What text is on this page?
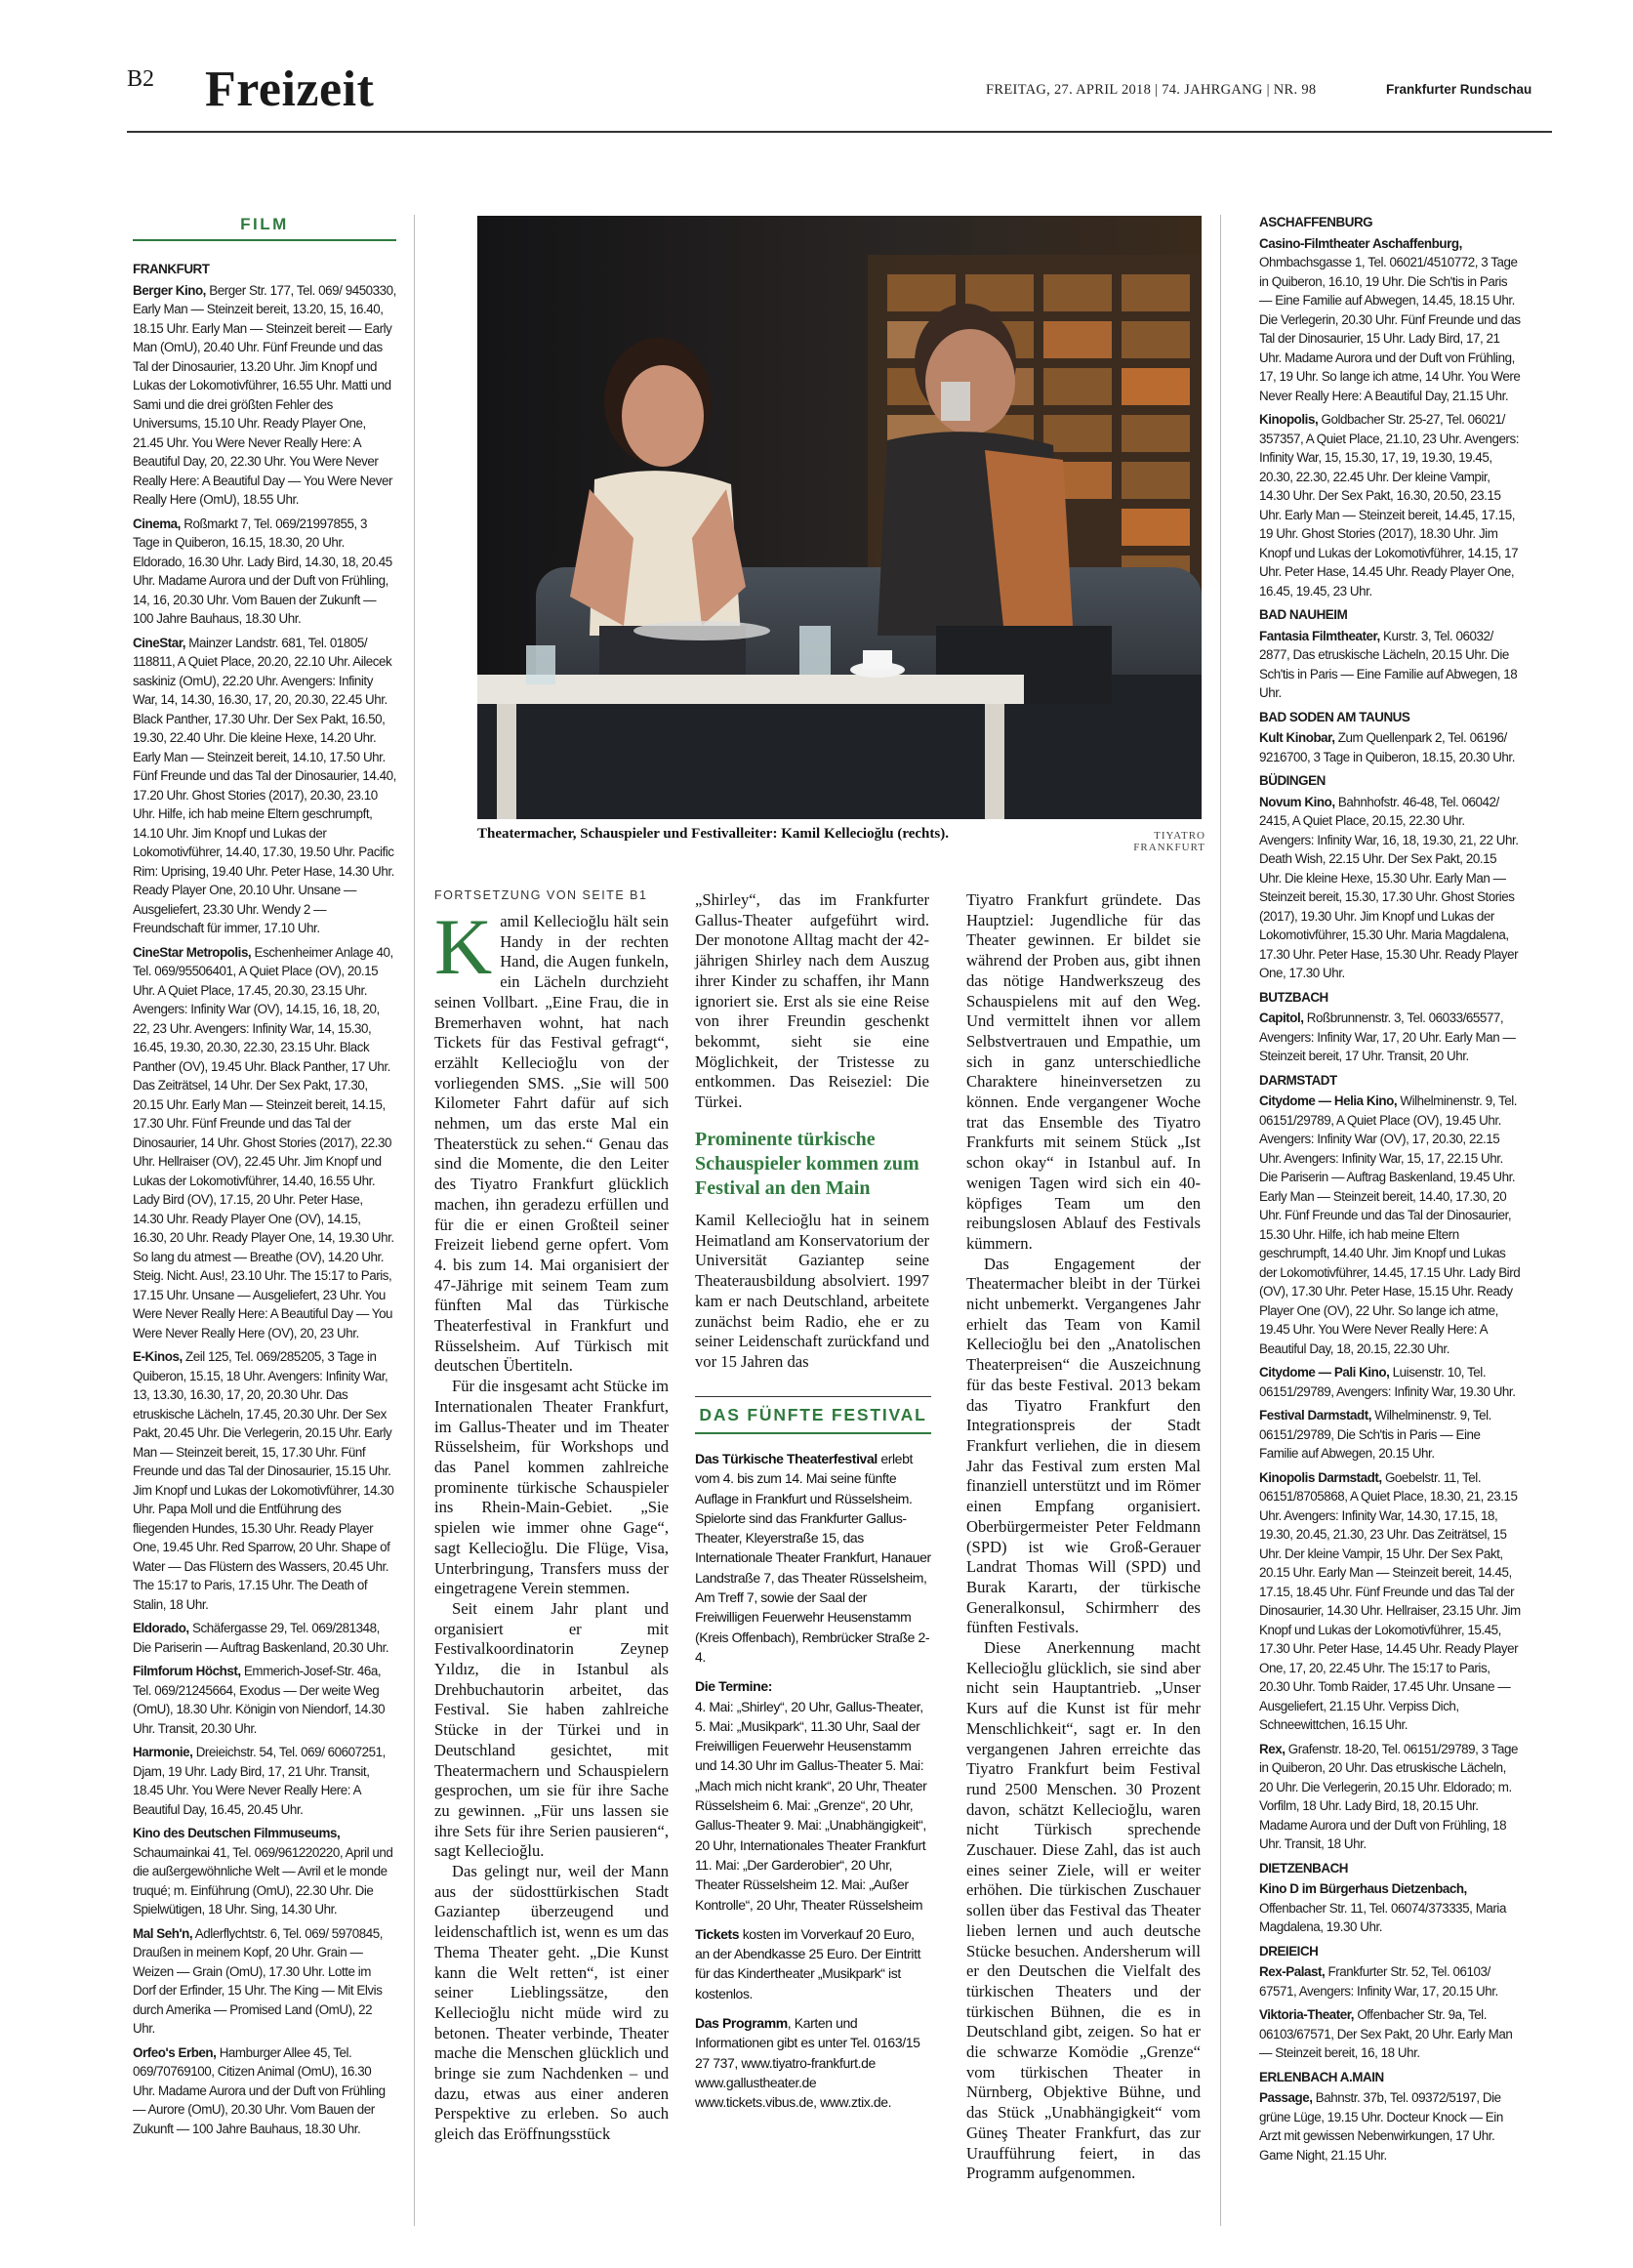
B2 Freizeit	FREITAG, 27. APRIL 2018 | 74. JAHRGANG | NR. 98	Frankfurter Rundschau
FILM
FRANKFURT

Berger Kino, Berger Str. 177, Tel. 069/ 9450330, Early Man — Steinzeit bereit, 13.20, 15, 16.40, 18.15 Uhr. Early Man — Steinzeit bereit — Early Man (OmU), 20.40 Uhr. Fünf Freunde und das Tal der Dinosaurier, 13.20 Uhr. Jim Knopf und Lukas der Lokomotivführer, 16.55 Uhr. Matti und Sami und die drei größten Fehler des Universums, 15.10 Uhr. Ready Player One, 21.45 Uhr. You Were Never Really Here: A Beautiful Day, 20, 22.30 Uhr. You Were Never Really Here: A Beautiful Day — You Were Never Really Here (OmU), 18.55 Uhr.

Cinema, Roßmarkt 7, Tel. 069/21997855, 3 Tage in Quiberon, 16.15, 18.30, 20 Uhr. Eldorado, 16.30 Uhr. Lady Bird, 14.30, 18, 20.45 Uhr. Madame Aurora und der Duft von Frühling, 14, 16, 20.30 Uhr. Vom Bauen der Zukunft — 100 Jahre Bauhaus, 18.30 Uhr.

CineStar, Mainzer Landstr. 681, Tel. 01805/ 118811, A Quiet Place, 20.20, 22.10 Uhr. Ailecek saskiniz (OmU), 22.20 Uhr. Avengers: Infinity War, 14, 14.30, 16.30, 17, 20, 20.30, 22.45 Uhr. Black Panther, 17.30 Uhr. Der Sex Pakt, 16.50, 19.30, 22.40 Uhr. Die kleine Hexe, 14.20 Uhr. Early Man — Steinzeit bereit, 14.10, 17.50 Uhr. Fünf Freunde und das Tal der Dinosaurier, 14.40, 17.20 Uhr. Ghost Stories (2017), 20.30, 23.10 Uhr. Hilfe, ich hab meine Eltern geschrumpft, 14.10 Uhr. Jim Knopf und Lukas der Lokomotivführer, 14.40, 17.30, 19.50 Uhr. Pacific Rim: Uprising, 19.40 Uhr. Peter Hase, 14.30 Uhr. Ready Player One, 20.10 Uhr. Unsane — Ausgeliefert, 23.30 Uhr. Wendy 2 — Freundschaft für immer, 17.10 Uhr.

CineStar Metropolis, Eschenheimer Anlage 40, Tel. 069/95506401, A Quiet Place (OV), 20.15 Uhr. A Quiet Place, 17.45, 20.30, 23.15 Uhr. Avengers: Infinity War (OV), 14.15, 16, 18, 20, 22, 23 Uhr. Avengers: Infinity War, 14, 15.30, 16.45, 19.30, 20.30, 22.30, 23.15 Uhr. Black Panther (OV), 19.45 Uhr. Black Panther, 17 Uhr. Das Zeiträtsel, 14 Uhr. Der Sex Pakt, 17.30, 20.15 Uhr. Early Man — Steinzeit bereit, 14.15, 17.30 Uhr. Fünf Freunde und das Tal der Dinosaurier, 14 Uhr. Ghost Stories (2017), 22.30 Uhr. Hellraiser (OV), 22.45 Uhr. Jim Knopf und Lukas der Lokomotivführer, 14.40, 16.55 Uhr. Lady Bird (OV), 17.15, 20 Uhr. Peter Hase, 14.30 Uhr. Ready Player One (OV), 14.15, 16.30, 20 Uhr. Ready Player One, 14, 19.30 Uhr. So lang du atmest — Breathe (OV), 14.20 Uhr. Steig. Nicht. Aus!, 23.10 Uhr. The 15:17 to Paris, 17.15 Uhr. Unsane — Ausgeliefert, 23 Uhr. You Were Never Really Here: A Beautiful Day — You Were Never Really Here (OV), 20, 23 Uhr.

E-Kinos, Zeil 125, Tel. 069/285205, 3 Tage in Quiberon, 15.15, 18 Uhr. Avengers: Infinity War, 13, 13.30, 16.30, 17, 20, 20.30 Uhr. Das etruskische Lächeln, 17.45, 20.30 Uhr. Der Sex Pakt, 20.45 Uhr. Die Verlegerin, 20.15 Uhr. Early Man — Steinzeit bereit, 15, 17.30 Uhr. Fünf Freunde und das Tal der Dinosaurier, 15.15 Uhr. Jim Knopf und Lukas der Lokomotivführer, 14.30 Uhr. Papa Moll und die Entführung des fliegenden Hundes, 15.30 Uhr. Ready Player One, 19.45 Uhr. Red Sparrow, 20 Uhr. Shape of Water — Das Flüstern des Wassers, 20.45 Uhr. The 15:17 to Paris, 17.15 Uhr. The Death of Stalin, 18 Uhr.

Eldorado, Schäfergasse 29, Tel. 069/281348, Die Pariserin — Auftrag Baskenland, 20.30 Uhr.

Filmforum Höchst, Emmerich-Josef-Str. 46a, Tel. 069/21245664, Exodus — Der weite Weg (OmU), 18.30 Uhr. Königin von Niendorf, 14.30 Uhr. Transit, 20.30 Uhr.

Harmonie, Dreieichstr. 54, Tel. 069/ 60607251, Djam, 19 Uhr. Lady Bird, 17, 21 Uhr. Transit, 18.45 Uhr. You Were Never Really Here: A Beautiful Day, 16.45, 20.45 Uhr.

Kino des Deutschen Filmmuseums, Schaumainkai 41, Tel. 069/961220220, April und die außergewöhnliche Welt — Avril et le monde truqué; m. Einführung (OmU), 22.30 Uhr. Die Spielwütigen, 18 Uhr. Sing, 14.30 Uhr.

Mal Seh'n, Adlerflychtstr. 6, Tel. 069/ 5970845, Draußen in meinem Kopf, 20 Uhr. Grain — Weizen — Grain (OmU), 17.30 Uhr. Lotte im Dorf der Erfinder, 15 Uhr. The King — Mit Elvis durch Amerika — Promised Land (OmU), 22 Uhr.

Orfeo's Erben, Hamburger Allee 45, Tel. 069/70769100, Citizen Animal (OmU), 16.30 Uhr. Madame Aurora und der Duft von Frühling — Aurore (OmU), 20.30 Uhr. Vom Bauen der Zukunft — 100 Jahre Bauhaus, 18.30 Uhr.

Theatermacher, Schauspieler und Festivalleiter: Kamil Kellecioğlu (rechts).	TIYATRO FRANKFURT
FORTSETZUNG VON SEITE B1

Kamil Kellecioğlu hält sein Handy in der rechten Hand, die Augen funkeln, ein Lächeln durchzieht seinen Vollbart. „Eine Frau, die in Bremerhaven wohnt, hat nach Tickets für das Festival gefragt“, erzählt Kellecioğlu von der vorliegenden SMS. „Sie will 500 Kilometer Fahrt dafür auf sich nehmen, um das erste Mal ein Theaterstück zu sehen.“ Genau das sind die Momente, die den Leiter des Tiyatro Frankfurt glücklich machen, ihn geradezu erfüllen und für die er einen Großteil seiner Freizeit liebend gerne opfert. Vom 4. bis zum 14. Mai organisiert der 47-Jährige mit seinem Team zum fünften Mal das Türkische Theaterfestival in Frankfurt und Rüsselsheim. Auf Türkisch mit deutschen Übertiteln.

Für die insgesamt acht Stücke im Internationalen Theater Frankfurt, im Gallus-Theater und im Theater Rüsselsheim, für Workshops und das Panel kommen zahlreiche prominente türkische Schauspieler ins Rhein-Main-Gebiet. „Sie spielen wie immer ohne Gage“, sagt Kellecioğlu. Die Flüge, Visa, Unterbringung, Transfers muss der eingetragene Verein stemmen.

Seit einem Jahr plant und organisiert er mit Festivalkoordinatorin Zeynep Yıldız, die in Istanbul als Drehbuchautorin arbeitet, das Festival. Sie haben zahlreiche Stücke in der Türkei und in Deutschland gesichtet, mit Theatermachern und Schauspielern gesprochen, um sie für ihre Sache zu gewinnen. „Für uns lassen sie ihre Sets für ihre Serien pausieren“, sagt Kellecioğlu.

Das gelingt nur, weil der Mann aus der südosttürkischen Stadt Gaziantep überzeugend und leidenschaftlich ist, wenn es um das Thema Theater geht. „Die Kunst kann die Welt retten“, ist einer seiner Lieblingssätze, den Kellecioğlu nicht müde wird zu betonen. Theater verbinde, Theater mache die Menschen glücklich und bringe sie zum Nachdenken – und dazu, etwas aus einer anderen Perspektive zu erleben. So auch gleich das Eröffnungsstück

„Shirley“, das im Frankfurter Gallus-Theater aufgeführt wird. Der monotone Alltag macht der 42-jährigen Shirley nach dem Auszug ihrer Kinder zu schaffen, ihr Mann ignoriert sie. Erst als sie eine Reise von ihrer Freundin geschenkt bekommt, sieht sie eine Möglichkeit, der Tristesse zu entkommen. Das Reiseziel: Die Türkei.

Prominente türkische Schauspieler kommen zum Festival an den Main

Kamil Kellecioğlu hat in seinem Heimatland am Konservatorium der Universität Gaziantep seine Theaterausbildung absolviert. 1997 kam er nach Deutschland, arbeitete zunächst beim Radio, ehe er zu seiner Leidenschaft zurückfand und vor 15 Jahren das

DAS FÜNFTE FESTIVAL

Das Türkische Theaterfestival erlebt vom 4. bis zum 14. Mai seine fünfte Auflage in Frankfurt und Rüsselsheim. Spielorte sind das Frankfurter Gallus-Theater, Kleyerstraße 15, das Internationale Theater Frankfurt, Hanauer Landstraße 7, das Theater Rüsselsheim, Am Treff 7, sowie der Saal der Freiwilligen Feuerwehr Heusenstamm (Kreis Offenbach), Rembrücker Straße 2-4.

Die Termine:
4. Mai: „Shirley“, 20 Uhr, Gallus-Theater, 5. Mai: „Musikpark“, 11.30 Uhr, Saal der Freiwilligen Feuerwehr Heusenstamm und 14.30 Uhr im Gallus-Theater 5. Mai: „Mach mich nicht krank“, 20 Uhr, Theater Rüsselsheim 6. Mai: „Grenze“, 20 Uhr, Gallus-Theater 9. Mai: „Unabhängigkeit“, 20 Uhr, Internationales Theater Frankfurt 11. Mai: „Der Garderobier“, 20 Uhr, Theater Rüsselsheim 12. Mai: „Außer Kontrolle“, 20 Uhr, Theater Rüsselsheim

Tickets kosten im Vorverkauf 20 Euro, an der Abendkasse 25 Euro. Der Eintritt für das Kindertheater „Musikpark“ ist kostenlos.

Das Programm, Karten und Informationen gibt es unter Tel. 0163/15 27 737, www.tiyatro-frankfurt.de www.gallustheater.de www.tickets.vibus.de, www.ztix.de.

Tiyatro Frankfurt gründete. Das Hauptziel: Jugendliche für das Theater gewinnen. Er bildet sie während der Proben aus, gibt ihnen das nötige Handwerkszeug des Schauspielens mit auf den Weg. Und vermittelt ihnen vor allem Selbstvertrauen und Empathie, um sich in ganz unterschiedliche Charaktere hineinversetzen zu können. Ende vergangener Woche trat das Ensemble des Tiyatro Frankfurts mit seinem Stück „Ist schon okay“ in Istanbul auf. In wenigen Tagen wird sich ein 40-köpfiges Team um den reibungslosen Ablauf des Festivals kümmern.

Das Engagement der Theatermacher bleibt in der Türkei nicht unbemerkt. Vergangenes Jahr erhielt das Team von Kamil Kellecioğlu bei den „Anatolischen Theaterpreisen“ die Auszeichnung für das beste Festival. 2013 bekam das Tiyatro Frankfurt den Integrationspreis der Stadt Frankfurt verliehen, die in diesem Jahr das Festival zum ersten Mal finanziell unterstützt und im Römer einen Empfang organisiert. Oberbürgermeister Peter Feldmann (SPD) ist wie Groß-Gerauer Landrat Thomas Will (SPD) und Burak Karartı, der türkische Generalkonsul, Schirmherr des fünften Festivals.

Diese Anerkennung macht Kellecioğlu glücklich, sie sind aber nicht sein Hauptantrieb. „Unser Kurs auf die Kunst ist für mehr Menschlichkeit“, sagt er. In den vergangenen Jahren erreichte das Tiyatro Frankfurt beim Festival rund 2500 Menschen. 30 Prozent davon, schätzt Kellecioğlu, waren nicht Türkisch sprechende Zuschauer. Diese Zahl, das ist auch eines seiner Ziele, will er weiter erhöhen. Die türkischen Zuschauer sollen über das Festival das Theater lieben lernen und auch deutsche Stücke besuchen. Andersherum will er den Deutschen die Vielfalt des türkischen Theaters und der türkischen Bühnen, die es in Deutschland gibt, zeigen. So hat er die schwarze Komödie „Grenze“ vom türkischen Theater in Nürnberg, Objektive Bühne, und das Stück „Unabhängigkeit“ vom Güneş Theater Frankfurt, das zur Uraufführung feiert, in das Programm aufgenommen.

ASCHAFFENBURG

Casino-Filmtheater Aschaffenburg, Ohmbachsgasse 1, Tel. 06021/4510772, 3 Tage in Quiberon, 16.10, 19 Uhr. Die Sch'tis in Paris — Eine Familie auf Abwegen, 14.45, 18.15 Uhr. Die Verlegerin, 20.30 Uhr. Fünf Freunde und das Tal der Dinosaurier, 15 Uhr. Lady Bird, 17, 21 Uhr. Madame Aurora und der Duft von Frühling, 17, 19 Uhr. So lange ich atme, 14 Uhr. You Were Never Really Here: A Beautiful Day, 21.15 Uhr.

Kinopolis, Goldbacher Str. 25-27, Tel. 06021/ 357357, A Quiet Place, 21.10, 23 Uhr. Avengers: Infinity War, 15, 15.30, 17, 19, 19.30, 19.45, 20.30, 22.30, 22.45 Uhr. Der kleine Vampir, 14.30 Uhr. Der Sex Pakt, 16.30, 20.50, 23.15 Uhr. Early Man — Steinzeit bereit, 14.45, 17.15, 19 Uhr. Ghost Stories (2017), 18.30 Uhr. Jim Knopf und Lukas der Lokomotivführer, 14.15, 17 Uhr. Peter Hase, 14.45 Uhr. Ready Player One, 16.45, 19.45, 23 Uhr.

BAD NAUHEIM

Fantasia Filmtheater, Kurstr. 3, Tel. 06032/ 2877, Das etruskische Lächeln, 20.15 Uhr. Die Sch'tis in Paris — Eine Familie auf Abwegen, 18 Uhr.

BAD SODEN AM TAUNUS

Kult Kinobar, Zum Quellenpark 2, Tel. 06196/ 9216700, 3 Tage in Quiberon, 18.15, 20.30 Uhr.

BÜDINGEN

Novum Kino, Bahnhofstr. 46-48, Tel. 06042/ 2415, A Quiet Place, 20.15, 22.30 Uhr. Avengers: Infinity War, 16, 18, 19.30, 21, 22 Uhr. Death Wish, 22.15 Uhr. Der Sex Pakt, 20.15 Uhr. Die kleine Hexe, 15.30 Uhr. Early Man — Steinzeit bereit, 15.30, 17.30 Uhr. Ghost Stories (2017), 19.30 Uhr. Jim Knopf und Lukas der Lokomotivführer, 15.30 Uhr. Maria Magdalena, 17.30 Uhr. Peter Hase, 15.30 Uhr. Ready Player One, 17.30 Uhr.

BUTZBACH

Capitol, Roßbrunnenstr. 3, Tel. 06033/65577, Avengers: Infinity War, 17, 20 Uhr. Early Man — Steinzeit bereit, 17 Uhr. Transit, 20 Uhr.

DARMSTADT

Citydome — Helia Kino, Wilhelminenstr. 9, Tel. 06151/29789, A Quiet Place (OV), 19.45 Uhr. Avengers: Infinity War (OV), 17, 20.30, 22.15 Uhr. Avengers: Infinity War, 15, 17, 22.15 Uhr. Die Pariserin — Auftrag Baskenland, 19.45 Uhr. Early Man — Steinzeit bereit, 14.40, 17.30, 20 Uhr. Fünf Freunde und das Tal der Dinosaurier, 15.30 Uhr. Hilfe, ich hab meine Eltern geschrumpft, 14.40 Uhr. Jim Knopf und Lukas der Lokomotivführer, 14.45, 17.15 Uhr. Lady Bird (OV), 17.30 Uhr. Peter Hase, 15.15 Uhr. Ready Player One (OV), 22 Uhr. So lange ich atme, 19.45 Uhr. You Were Never Really Here: A Beautiful Day, 18, 20.15, 22.30 Uhr.

Citydome — Pali Kino, Luisenstr. 10, Tel. 06151/29789, Avengers: Infinity War, 19.30 Uhr.

Festival Darmstadt, Wilhelminenstr. 9, Tel. 06151/29789, Die Sch'tis in Paris — Eine Familie auf Abwegen, 20.15 Uhr.

Kinopolis Darmstadt, Goebelstr. 11, Tel. 06151/8705868, A Quiet Place, 18.30, 21, 23.15 Uhr. Avengers: Infinity War, 14.30, 17.15, 18, 19.30, 20.45, 21.30, 23 Uhr. Das Zeiträtsel, 15 Uhr. Der kleine Vampir, 15 Uhr. Der Sex Pakt, 20.15 Uhr. Early Man — Steinzeit bereit, 14.45, 17.15, 18.45 Uhr. Fünf Freunde und das Tal der Dinosaurier, 14.30 Uhr. Hellraiser, 23.15 Uhr. Jim Knopf und Lukas der Lokomotivführer, 15.45, 17.30 Uhr. Peter Hase, 14.45 Uhr. Ready Player One, 17, 20, 22.45 Uhr. The 15:17 to Paris, 20.30 Uhr. Tomb Raider, 17.45 Uhr. Unsane — Ausgeliefert, 21.15 Uhr. Verpiss Dich, Schneewittchen, 16.15 Uhr.

Rex, Grafenstr. 18-20, Tel. 06151/29789, 3 Tage in Quiberon, 20 Uhr. Das etruskische Lächeln, 20 Uhr. Die Verlegerin, 20.15 Uhr. Eldorado; m. Vorfilm, 18 Uhr. Lady Bird, 18, 20.15 Uhr. Madame Aurora und der Duft von Frühling, 18 Uhr. Transit, 18 Uhr.

DIETZENBACH

Kino D im Bürgerhaus Dietzenbach, Offenbacher Str. 11, Tel. 06074/373335, Maria Magdalena, 19.30 Uhr.

DREIEICH

Rex-Palast, Frankfurter Str. 52, Tel. 06103/ 67571, Avengers: Infinity War, 17, 20.15 Uhr.

Viktoria-Theater, Offenbacher Str. 9a, Tel. 06103/67571, Der Sex Pakt, 20 Uhr. Early Man — Steinzeit bereit, 16, 18 Uhr.

ERLENBACH A.MAIN

Passage, Bahnstr. 37b, Tel. 09372/5197, Die grüne Lüge, 19.15 Uhr. Docteur Knock — Ein Arzt mit gewissen Nebenwirkungen, 17 Uhr. Game Night, 21.15 Uhr.
